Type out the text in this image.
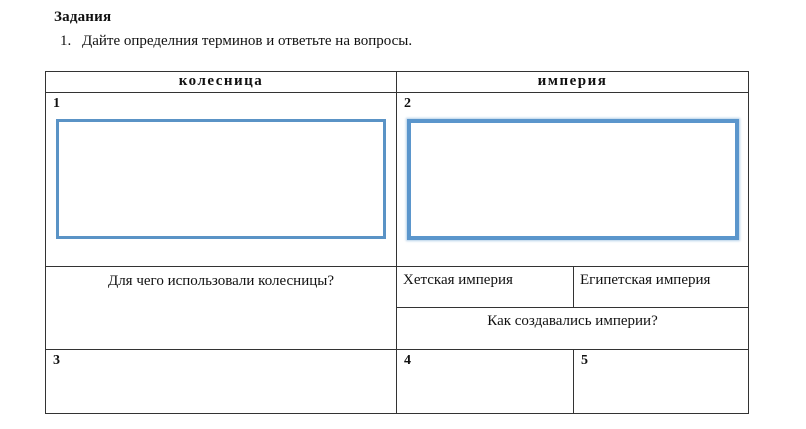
Задания
1. Дайте определния терминов и ответьте на вопросы.
колесница	империя	

1	2	

Для чего использовали колесницы?	Хетская империя	Египетская империя

	Как создавались империи?	

3	4	5
